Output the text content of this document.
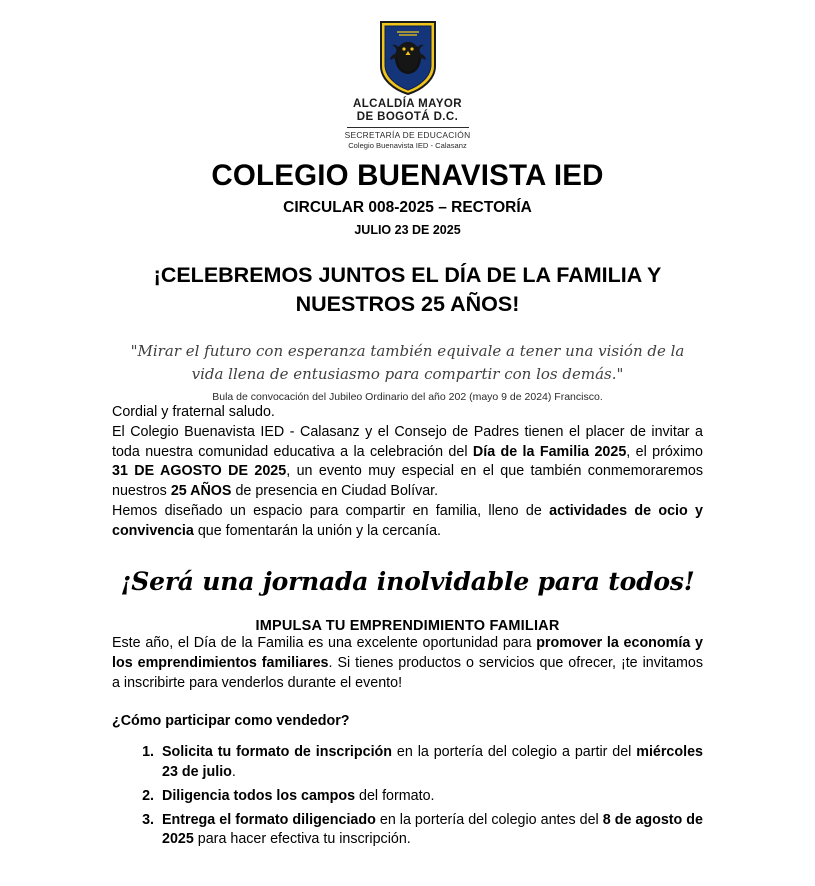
ALCALDÍA MAYOR
DE BOGOTÁ D.C.
SECRETARÍA DE EDUCACIÓN
Colegio Buenavista IED - Calasanz
COLEGIO BUENAVISTA IED
CIRCULAR 008-2025 – RECTORÍA
JULIO 23 DE 2025
¡CELEBREMOS JUNTOS EL DÍA DE LA FAMILIA Y NUESTROS 25 AÑOS!
"Mirar el futuro con esperanza también equivale a tener una visión de la vida llena de entusiasmo para compartir con los demás."
Bula de convocación del Jubileo Ordinario del año 202 (mayo 9 de 2024) Francisco.

Cordial y fraternal saludo.

El Colegio Buenavista IED - Calasanz y el Consejo de Padres tienen el placer de invitar a toda nuestra comunidad educativa a la celebración del Día de la Familia 2025, el próximo 31 DE AGOSTO DE 2025, un evento muy especial en el que también conmemoraremos nuestros 25 AÑOS de presencia en Ciudad Bolívar.

Hemos diseñado un espacio para compartir en familia, lleno de actividades de ocio y convivencia que fomentarán la unión y la cercanía.

¡Será una jornada inolvidable para todos!
IMPULSA TU EMPRENDIMIENTO FAMILIAR

Este año, el Día de la Familia es una excelente oportunidad para promover la economía y los emprendimientos familiares. Si tienes productos o servicios que ofrecer, ¡te invitamos a inscribirte para venderlos durante el evento!

¿Cómo participar como vendedor?
1. Solicita tu formato de inscripción en la portería del colegio a partir del miércoles 23 de julio.
2. Diligencia todos los campos del formato.
3. Entrega el formato diligenciado en la portería del colegio antes del 8 de agosto de 2025 para hacer efectiva tu inscripción.
